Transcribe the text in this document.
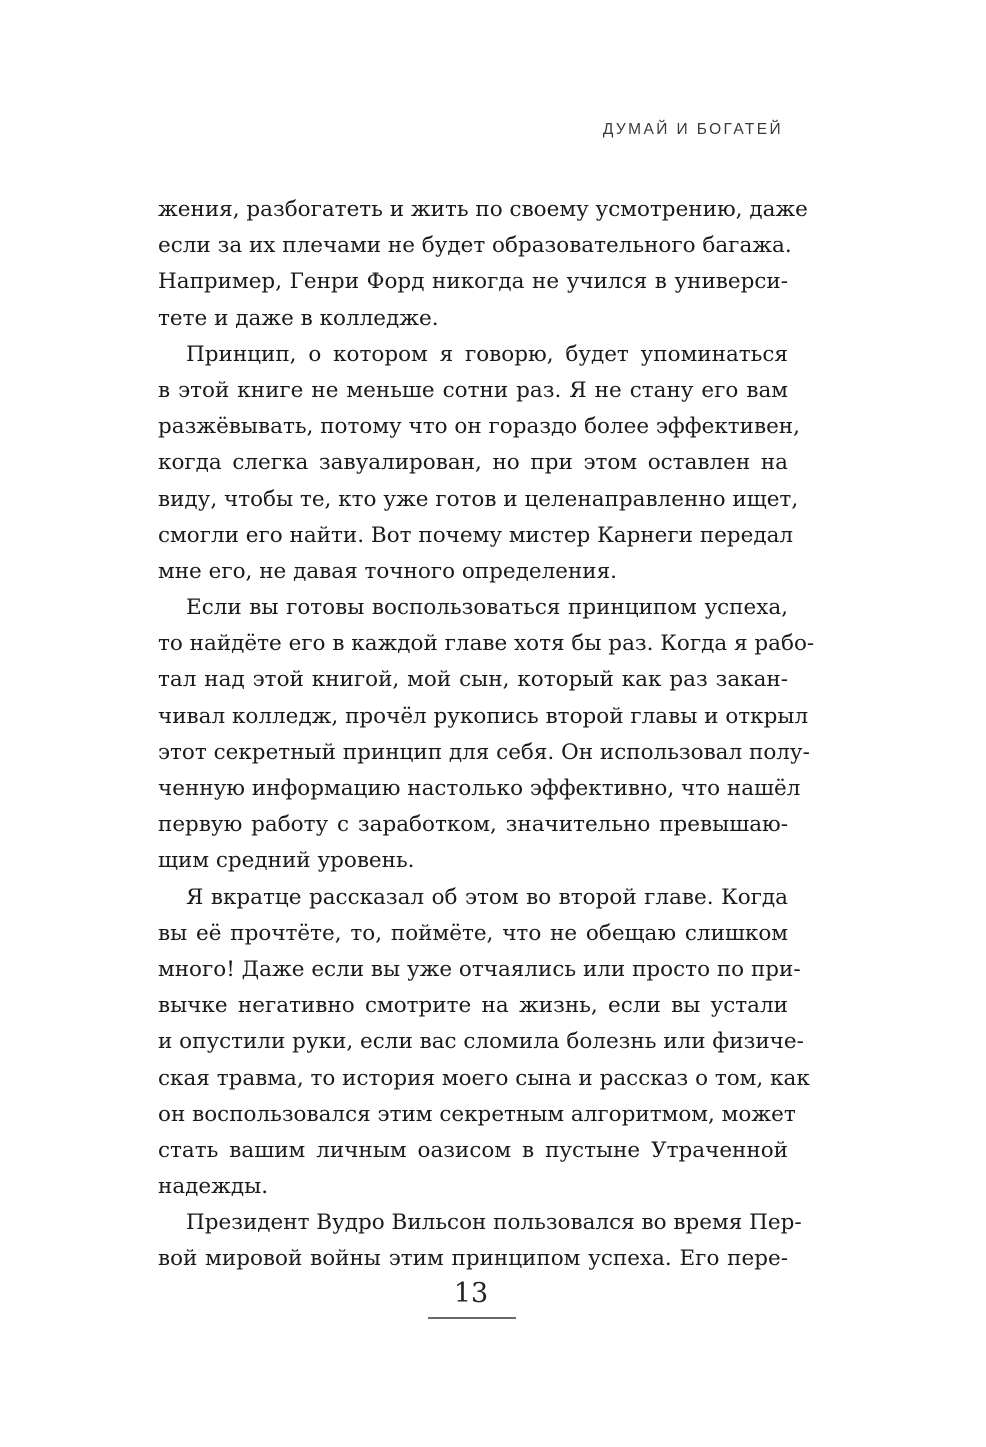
ДУМАЙ И БОГАТЕЙ
жения, разбогатеть и жить по своему усмотрению, даже
если за их плечами не будет образовательного багажа.
Например, Генри Форд никогда не учился в универси-
тете и даже в колледже.
Принцип, о котором я говорю, будет упоминаться
в этой книге не меньше сотни раз. Я не стану его вам
разжёвывать, потому что он гораздо более эффективен,
когда слегка завуалирован, но при этом оставлен на
виду, чтобы те, кто уже готов и целенаправленно ищет,
смогли его найти. Вот почему мистер Карнеги передал
мне его, не давая точного определения.
Если вы готовы воспользоваться принципом успеха,
то найдёте его в каждой главе хотя бы раз. Когда я рабо-
тал над этой книгой, мой сын, который как раз закан-
чивал колледж, прочёл рукопись второй главы и открыл
этот секретный принцип для себя. Он использовал полу-
ченную информацию настолько эффективно, что нашёл
первую работу с заработком, значительно превышаю-
щим средний уровень.
Я вкратце рассказал об этом во второй главе. Когда
вы её прочтёте, то, поймёте, что не обещаю слишком
много! Даже если вы уже отчаялись или просто по при-
вычке негативно смотрите на жизнь, если вы устали
и опустили руки, если вас сломила болезнь или физиче-
ская травма, то история моего сына и рассказ о том, как
он воспользовался этим секретным алгоритмом, может
стать вашим личным оазисом в пустыне Утраченной
надежды.
Президент Вудро Вильсон пользовался во время Пер-
вой мировой войны этим принципом успеха. Его пере-
13
